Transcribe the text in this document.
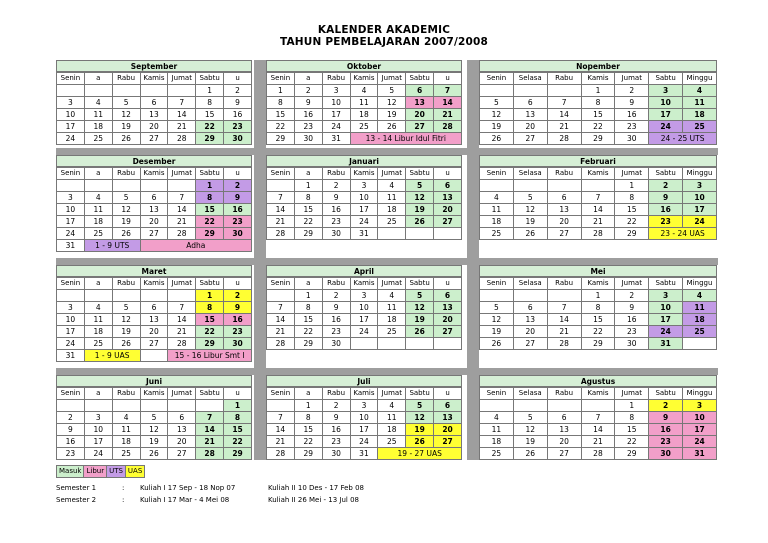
KALENDER AKADEMIC
TAHUN PEMBELAJARAN 2007/2008
September
Senin	a	Rabu	Kamis	Jumat	Sabtu	u
					1	2
3	4	5	6	7	8	9
10	11	12	13	14	15	16
17	18	19	20	21	22	23
24	25	26	27	28	29	30
Oktober
Senin	a	Rabu	Kamis	Jumat	Sabtu	u
1	2	3	4	5	6	7
8	9	10	11	12	13	14
15	16	17	18	19	20	21
22	23	24	25	26	27	28
29	30	31	13 - 14 Libur Idul Fitri			
Nopember
Senin	Selasa	Rabu	Kamis	Jumat	Sabtu	Minggu
			1	2	3	4
5	6	7	8	9	10	11
12	13	14	15	16	17	18
19	20	21	22	23	24	25
26	27	28	29	30	24 - 25 UTS	
Desember
Senin	a	Rabu	Kamis	Jumat	Sabtu	u
					1	2
3	4	5	6	7	8	9
10	11	12	13	14	15	16
17	18	19	20	21	22	23
24	25	26	27	28	29	30
31	1 - 9 UTS		Adha			
Januari
Senin	a	Rabu	Kamis	Jumat	Sabtu	u
	1	2	3	4	5	6
7	8	9	10	11	12	13
14	15	16	17	18	19	20
21	22	23	24	25	26	27
28	29	30	31			
Februari
Senin	Selasa	Rabu	Kamis	Jumat	Sabtu	Minggu
				1	2	3
4	5	6	7	8	9	10
11	12	13	14	15	16	17
18	19	20	21	22	23	24
25	26	27	28	29	23 - 24 UAS	
Maret
Senin	a	Rabu	Kamis	Jumat	Sabtu	u
					1	2
3	4	5	6	7	8	9
10	11	12	13	14	15	16
17	18	19	20	21	22	23
24	25	26	27	28	29	30
31	1 - 9 UAS			15 - 16 Libur Smt I		
April
Senin	a	Rabu	Kamis	Jumat	Sabtu	u
	1	2	3	4	5	6
7	8	9	10	11	12	13
14	15	16	17	18	19	20
21	22	23	24	25	26	27
28	29	30				
Mei
Senin	Selasa	Rabu	Kamis	Jumat	Sabtu	Minggu
			1	2	3	4
5	6	7	8	9	10	11
12	13	14	15	16	17	18
19	20	21	22	23	24	25
26	27	28	29	30	31	
Juni
Senin	a	Rabu	Kamis	Jumat	Sabtu	u
						1
2	3	4	5	6	7	8
9	10	11	12	13	14	15
16	17	18	19	20	21	22
23	24	25	26	27	28	29
Juli
Senin	a	Rabu	Kamis	Jumat	Sabtu	u
	1	2	3	4	5	6
7	8	9	10	11	12	13
14	15	16	17	18	19	20
21	22	23	24	25	26	27
28	29	30	31	19 - 27 UAS		
Agustus
Senin	Selasa	Rabu	Kamis	Jumat	Sabtu	Minggu
				1	2	3
4	5	6	7	8	9	10
11	12	13	14	15	16	17
18	19	20	21	22	23	24
25	26	27	28	29	30	31
Masuk Libur UTS UAS
Semester 1	: Kuliah I 17 Sep - 18 Nop 07	Kuliah II 10 Des - 17 Feb 08
Semester 2	: Kuliah I 17 Mar - 4 Mei 08	Kuliah II 26 Mei - 13 Jul 08
